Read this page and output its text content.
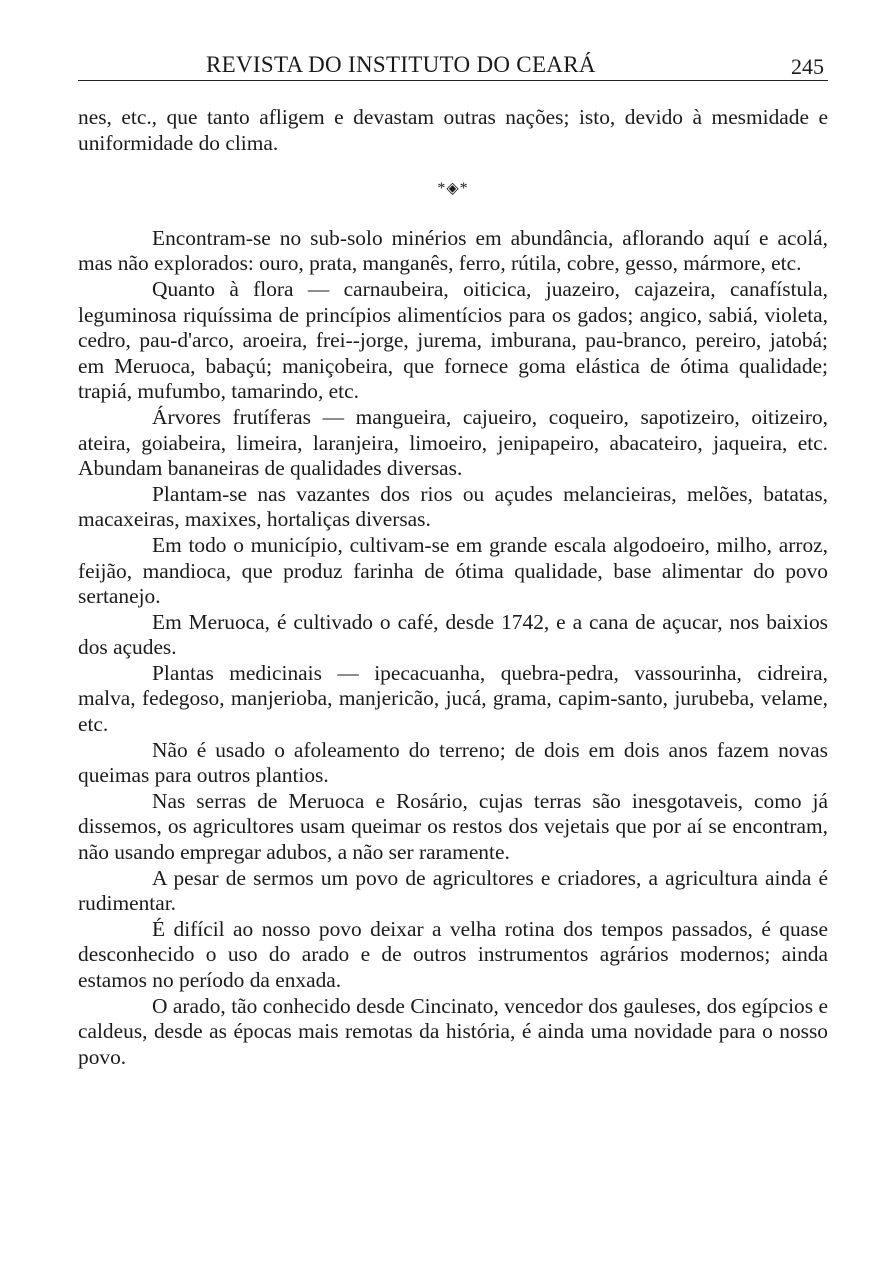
REVISTA DO INSTITUTO DO CEARÁ	245

nes, etc., que tanto afligem e devastam outras nações; isto, devido à mesmidade e uniformidade do clima.

*◈*

Encontram-se no sub-solo minérios em abundância, aflorando aquí e acolá, mas não explorados: ouro, prata, manganês, ferro, rútila, cobre, gesso, mármore, etc.

Quanto à flora — carnaubeira, oiticica, juazeiro, cajazeira, canafístula, leguminosa riquíssima de princípios alimentícios para os gados; angico, sabiá, violeta, cedro, pau-d'arco, aroeira, frei--jorge, jurema, imburana, pau-branco, pereiro, jatobá; em Meruoca, babaçú; maniçobeira, que fornece goma elástica de ótima qualidade; trapiá, mufumbo, tamarindo, etc.

Árvores frutíferas — mangueira, cajueiro, coqueiro, sapotizeiro, oitizeiro, ateira, goiabeira, limeira, laranjeira, limoeiro, jenipapeiro, abacateiro, jaqueira, etc. Abundam bananeiras de qualidades diversas.

Plantam-se nas vazantes dos rios ou açudes melancieiras, melões, batatas, macaxeiras, maxixes, hortaliças diversas.

Em todo o município, cultivam-se em grande escala algodoeiro, milho, arroz, feijão, mandioca, que produz farinha de ótima qualidade, base alimentar do povo sertanejo.

Em Meruoca, é cultivado o café, desde 1742, e a cana de açucar, nos baixios dos açudes.

Plantas medicinais — ipecacuanha, quebra-pedra, vassourinha, cidreira, malva, fedegoso, manjerioba, manjericão, jucá, grama, capim-santo, jurubeba, velame, etc.

Não é usado o afoleamento do terreno; de dois em dois anos fazem novas queimas para outros plantios.

Nas serras de Meruoca e Rosário, cujas terras são inesgotaveis, como já dissemos, os agricultores usam queimar os restos dos vejetais que por aí se encontram, não usando empregar adubos, a não ser raramente.

A pesar de sermos um povo de agricultores e criadores, a agricultura ainda é rudimentar.

É difícil ao nosso povo deixar a velha rotina dos tempos passados, é quase desconhecido o uso do arado e de outros instrumentos agrários modernos; ainda estamos no período da enxada.

O arado, tão conhecido desde Cincinato, vencedor dos gauleses, dos egípcios e caldeus, desde as épocas mais remotas da história, é ainda uma novidade para o nosso povo.
